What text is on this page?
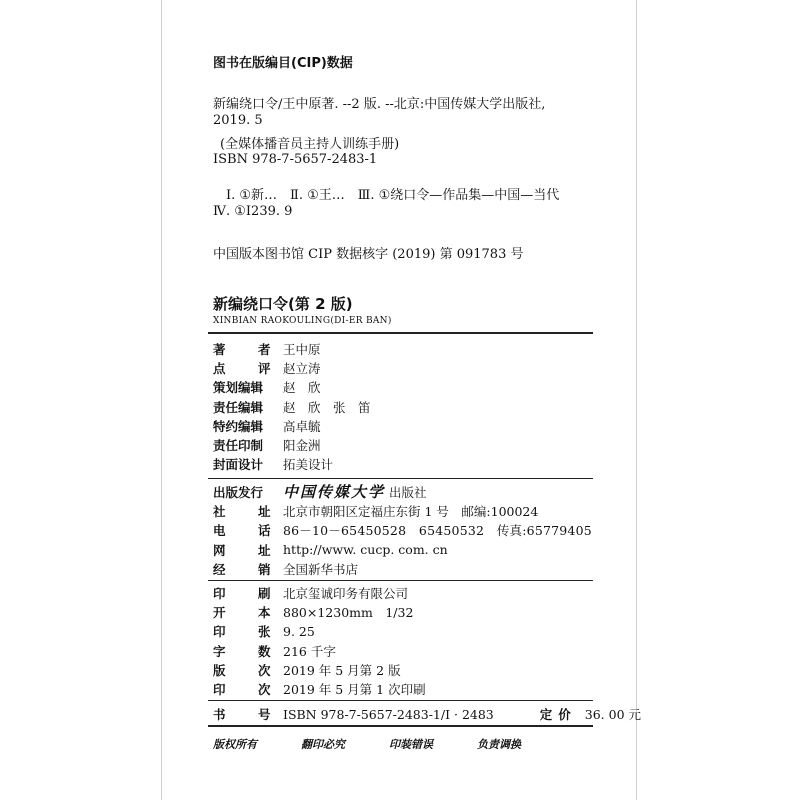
图书在版编目(CIP)数据
新编绕口令/王中原著. --2 版. --北京:中国传媒大学出版社,
2019. 5
(全媒体播音员主持人训练手册)
ISBN 978-7-5657-2483-1
Ⅰ. ①新…　Ⅱ. ①王…　Ⅲ. ①绕口令—作品集—中国—当代
Ⅳ. ①I239. 9
中国版本图书馆 CIP 数据核字 (2019) 第 091783 号
新编绕口令(第 2 版)
XINBIAN RAOKOULING(DI-ER BAN)
著　者 王中原
点　评 赵立涛
策划编辑	赵　欣
责任编辑	赵　欣　张　笛
特约编辑	高卓毓
责任印制	阳金洲
封面设计	拓美设计
出版发行	中国传媒大学 出版社
社　址 北京市朝阳区定福庄东街 1 号　邮编:100024
电　话 86－10－65450528　65450532　传真:65779405
网　址 http://www. cucp. com. cn
经　销 全国新华书店
印　刷 北京玺诚印务有限公司
开　本 880×1230mm　1/32
印　张 9. 25
字　数 216 千字
版　次 2019 年 5 月第 2 版
印　次 2019 年 5 月第 1 次印刷
书　号 ISBN 978-7-5657-2483-1/I · 2483	定价 36. 00 元
版权所有	翻印必究	印装错误	负责调换
